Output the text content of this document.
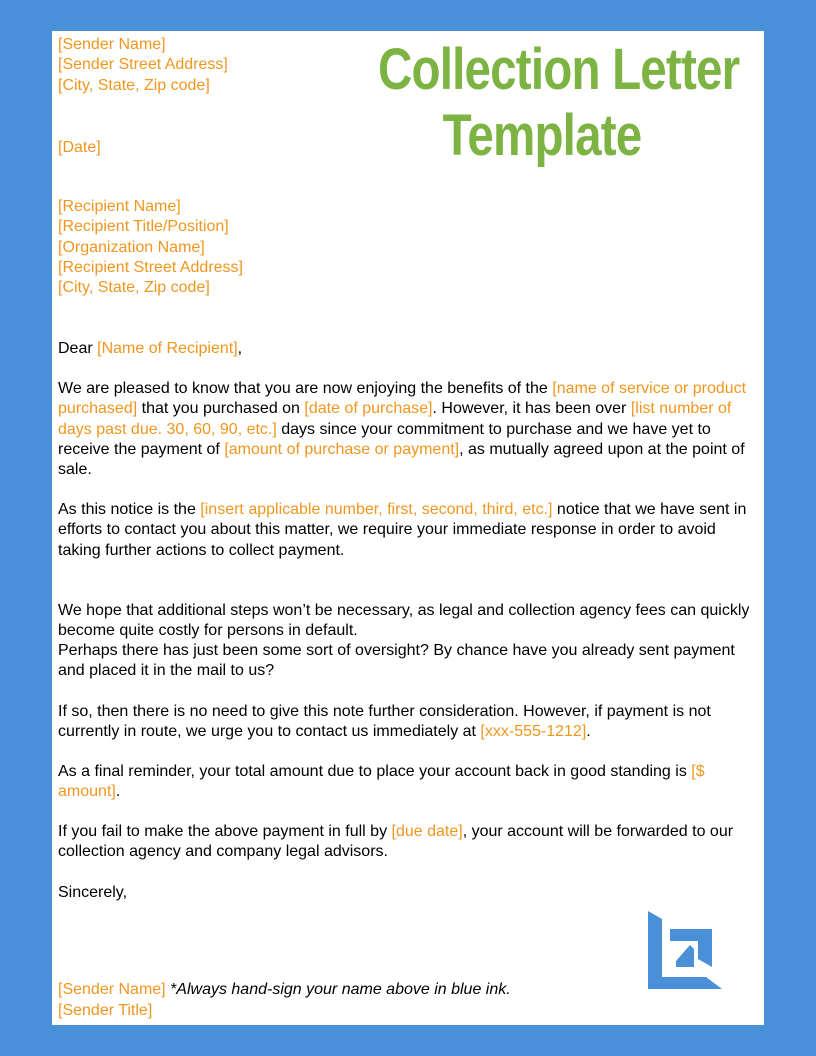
Collection Letter
Template
[Sender Name]
[Sender Street Address]
[City, State, Zip code]
[Date]
[Recipient Name]
[Recipient Title/Position]
[Organization Name]
[Recipient Street Address]
[City, State, Zip code]
Dear [Name of Recipient],
We are pleased to know that you are now enjoying the benefits of the [name of service or product purchased] that you purchased on [date of purchase]. However, it has been over [list number of days past due. 30, 60, 90, etc.] days since your commitment to purchase and we have yet to receive the payment of [amount of purchase or payment], as mutually agreed upon at the point of sale.
As this notice is the [insert applicable number, first, second, third, etc.] notice that we have sent in efforts to contact you about this matter, we require your immediate response in order to avoid taking further actions to collect payment.
We hope that additional steps won’t be necessary, as legal and collection agency fees can quickly become quite costly for persons in default.
Perhaps there has just been some sort of oversight? By chance have you already sent payment and placed it in the mail to us?
If so, then there is no need to give this note further consideration. However, if payment is not currently in route, we urge you to contact us immediately at [xxx-555-1212].
As a final reminder, your total amount due to place your account back in good standing is [$ amount].
If you fail to make the above payment in full by [due date], your account will be forwarded to our collection agency and company legal advisors.
Sincerely,
[Sender Name] *Always hand-sign your name above in blue ink.
[Sender Title]
